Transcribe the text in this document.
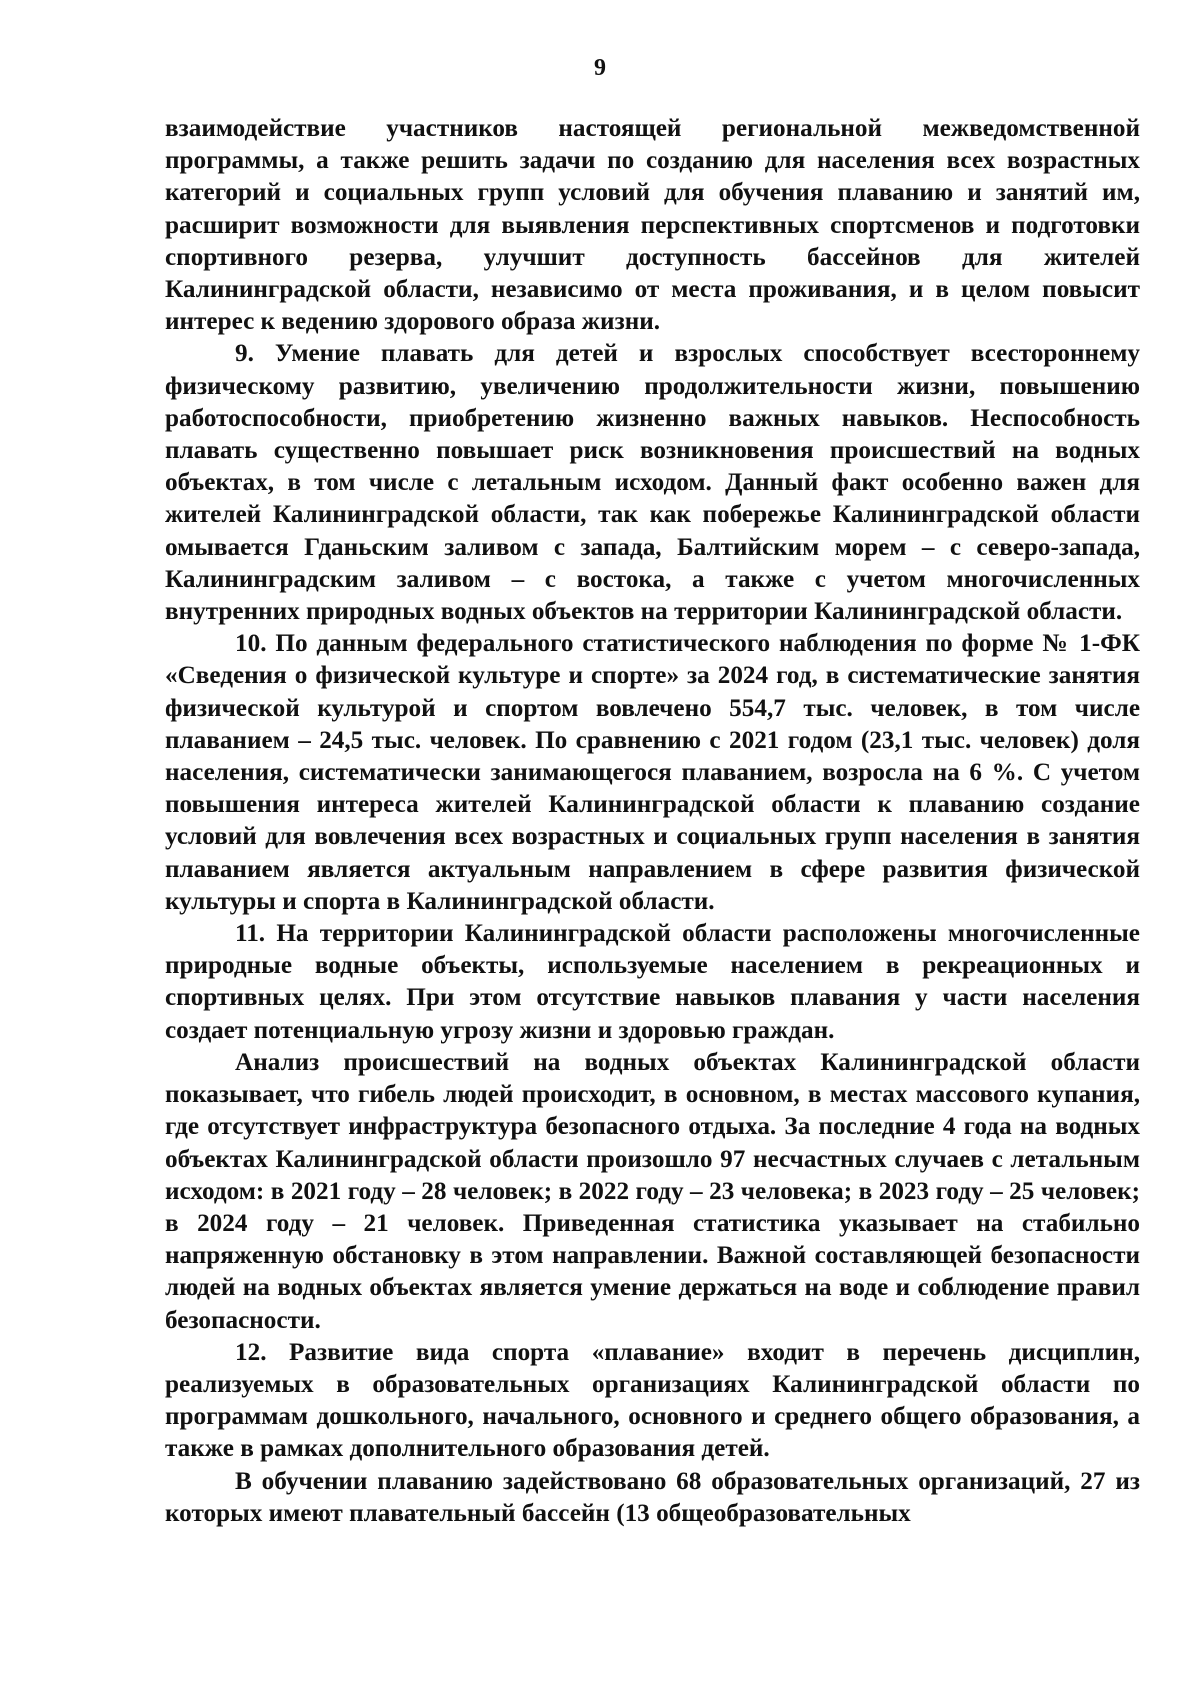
9

взаимодействие участников настоящей региональной межведомственной программы, а также решить задачи по созданию для населения всех возрастных категорий и социальных групп условий для обучения плаванию и занятий им, расширит возможности для выявления перспективных спортсменов и подготовки спортивного резерва, улучшит доступность бассейнов для жителей Калининградской области, независимо от места проживания, и в целом повысит интерес к ведению здорового образа жизни.

9. Умение плавать для детей и взрослых способствует всестороннему физическому развитию, увеличению продолжительности жизни, повышению работоспособности, приобретению жизненно важных навыков. Неспособность плавать существенно повышает риск возникновения происшествий на водных объектах, в том числе с летальным исходом. Данный факт особенно важен для жителей Калининградской области, так как побережье Калининградской области омывается Гданьским заливом с запада, Балтийским морем – с северо-запада, Калининградским заливом – с востока, а также с учетом многочисленных внутренних природных водных объектов на территории Калининградской области.

10. По данным федерального статистического наблюдения по форме № 1-ФК «Сведения о физической культуре и спорте» за 2024 год, в систематические занятия физической культурой и спортом вовлечено 554,7 тыс. человек, в том числе плаванием – 24,5 тыс. человек. По сравнению с 2021 годом (23,1 тыс. человек) доля населения, систематически занимающегося плаванием, возросла на 6 %. С учетом повышения интереса жителей Калининградской области к плаванию создание условий для вовлечения всех возрастных и социальных групп населения в занятия плаванием является актуальным направлением в сфере развития физической культуры и спорта в Калининградской области.

11. На территории Калининградской области расположены многочисленные природные водные объекты, используемые населением в рекреационных и спортивных целях. При этом отсутствие навыков плавания у части населения создает потенциальную угрозу жизни и здоровью граждан.

Анализ происшествий на водных объектах Калининградской области показывает, что гибель людей происходит, в основном, в местах массового купания, где отсутствует инфраструктура безопасного отдыха. За последние 4 года на водных объектах Калининградской области произошло 97 несчастных случаев с летальным исходом: в 2021 году – 28 человек; в 2022 году – 23 человека; в 2023 году – 25 человек; в 2024 году – 21 человек. Приведенная статистика указывает на стабильно напряженную обстановку в этом направлении. Важной составляющей безопасности людей на водных объектах является умение держаться на воде и соблюдение правил безопасности.

12. Развитие вида спорта «плавание» входит в перечень дисциплин, реализуемых в образовательных организациях Калининградской области по программам дошкольного, начального, основного и среднего общего образования, а также в рамках дополнительного образования детей.

В обучении плаванию задействовано 68 образовательных организаций, 27 из которых имеют плавательный бассейн (13 общеобразовательных
